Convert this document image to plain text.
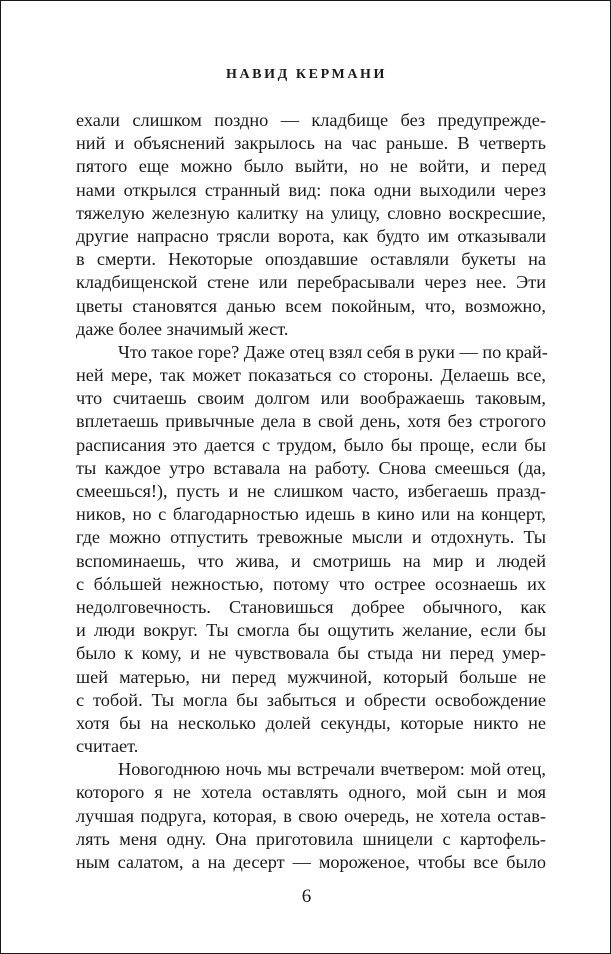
НАВИД КЕРМАНИ
ехали слишком поздно — кладбище без предупрежде-
ний и объяснений закрылось на час раньше. В четверть
пятого еще можно было выйти, но не войти, и перед
нами открылся странный вид: пока одни выходили через
тяжелую железную калитку на улицу, словно воскресшие,
другие напрасно трясли ворота, как будто им отказывали
в смерти. Некоторые опоздавшие оставляли букеты на
кладбищенской стене или перебрасывали через нее. Эти
цветы становятся данью всем покойным, что, возможно,
даже более значимый жест.
Что такое горе? Даже отец взял себя в руки — по край-
ней мере, так может показаться со стороны. Делаешь все,
что считаешь своим долгом или воображаешь таковым,
вплетаешь привычные дела в свой день, хотя без строгого
расписания это дается с трудом, было бы проще, если бы
ты каждое утро вставала на работу. Снова смеешься (да,
смеешься!), пусть и не слишком часто, избегаешь празд-
ников, но с благодарностью идешь в кино или на концерт,
где можно отпустить тревожные мысли и отдохнуть. Ты
вспоминаешь, что жива, и смотришь на мир и людей
с бóльшей нежностью, потому что острее осознаешь их
недолговечность. Становишься добрее обычного, как
и люди вокруг. Ты смогла бы ощутить желание, если бы
было к кому, и не чувствовала бы стыда ни перед умер-
шей матерью, ни перед мужчиной, который больше не
с тобой. Ты могла бы забыться и обрести освобождение
хотя бы на несколько долей секунды, которые никто не
считает.
Новогоднюю ночь мы встречали вчетвером: мой отец,
которого я не хотела оставлять одного, мой сын и моя
лучшая подруга, которая, в свою очередь, не хотела остав-
лять меня одну. Она приготовила шницели с картофель-
ным салатом, а на десерт — мороженое, чтобы все было
6
